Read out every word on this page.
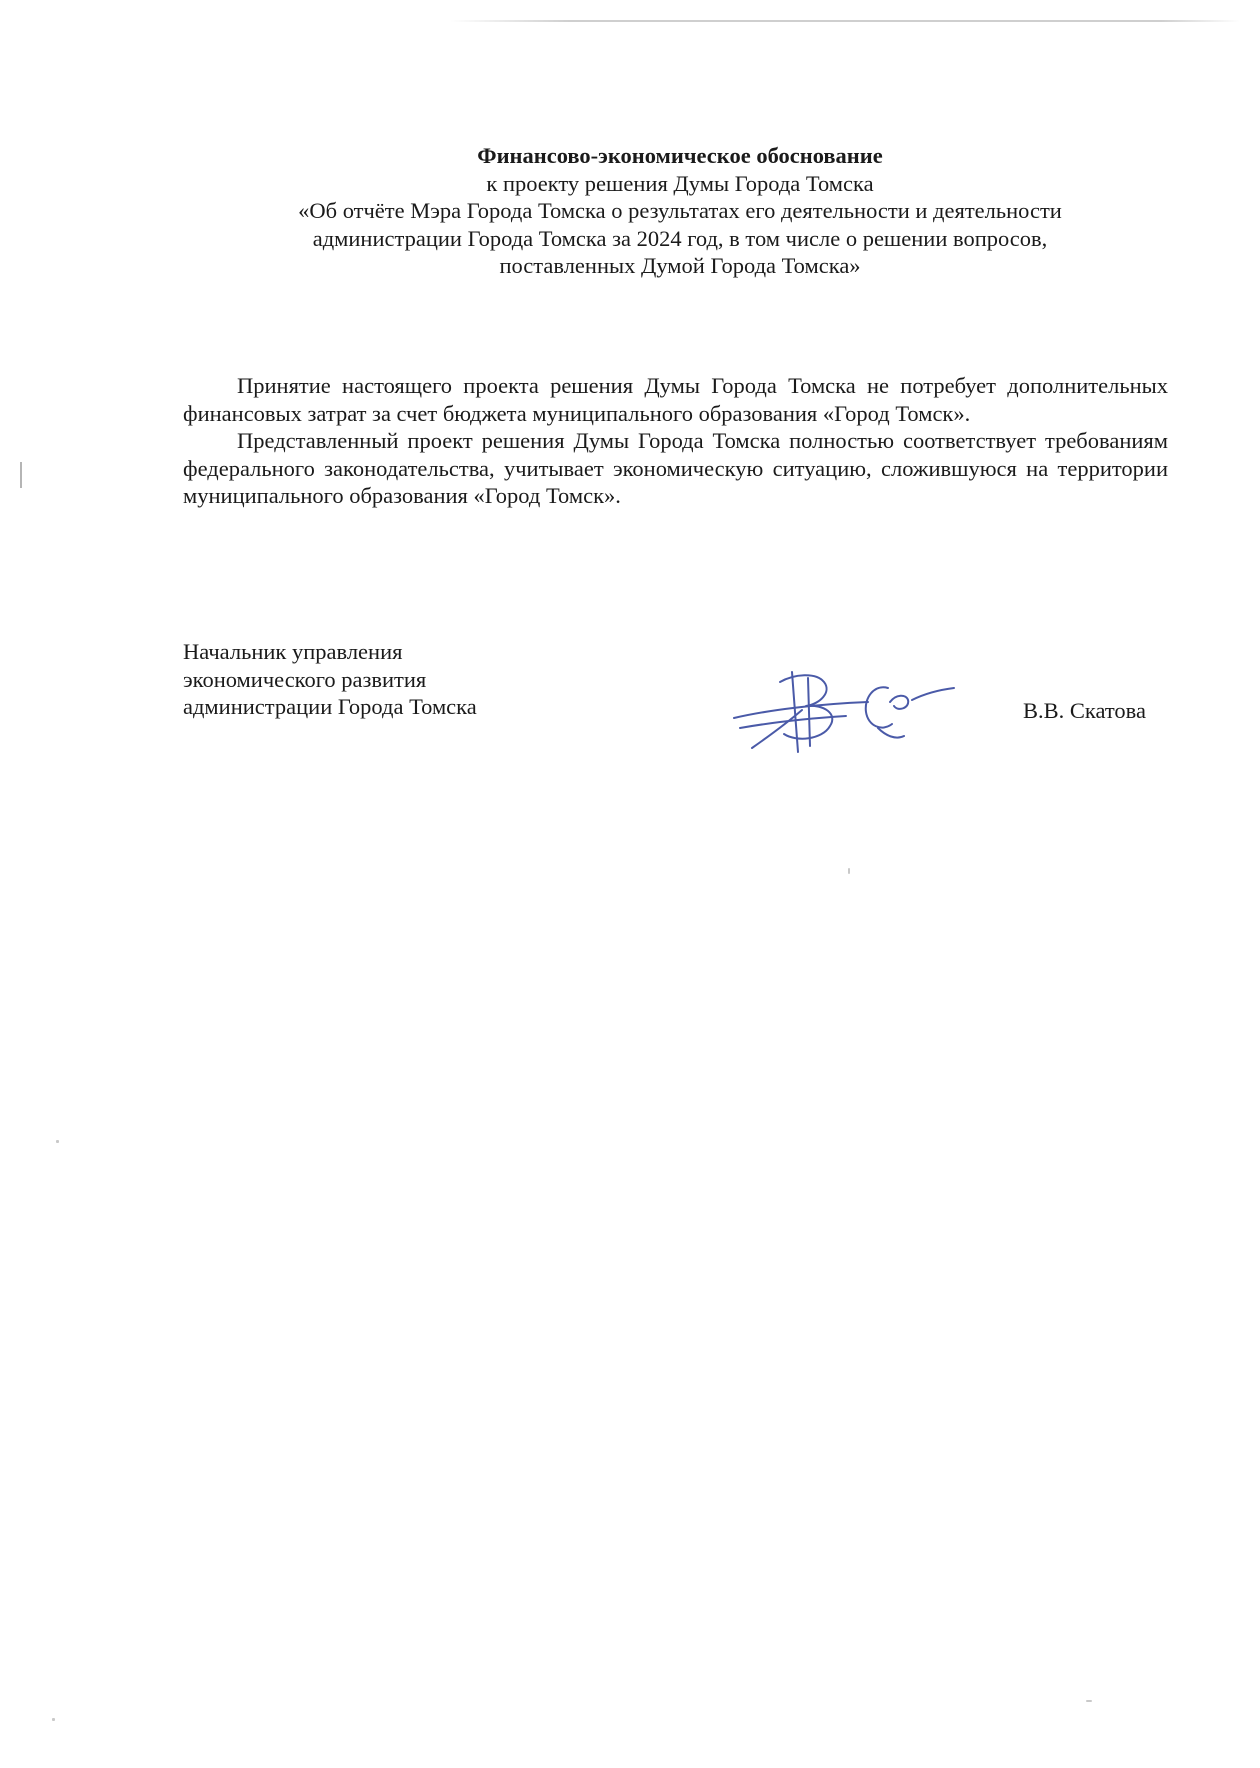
Финансово-экономическое обоснование
к проекту решения Думы Города Томска
«Об отчёте Мэра Города Томска о результатах его деятельности и деятельности
администрации Города Томска за 2024 год, в том числе о решении вопросов,
поставленных Думой Города Томска»

Принятие настоящего проекта решения Думы Города Томска не потребует дополнительных финансовых затрат за счет бюджета муниципального образования «Город Томск».

Представленный проект решения Думы Города Томска полностью соответствует требованиям федерального законодательства, учитывает экономическую ситуацию, сложившуюся на территории муниципального образования «Город Томск».

Начальник управления
экономического развития
администрации Города Томска	В.В. Скатова
